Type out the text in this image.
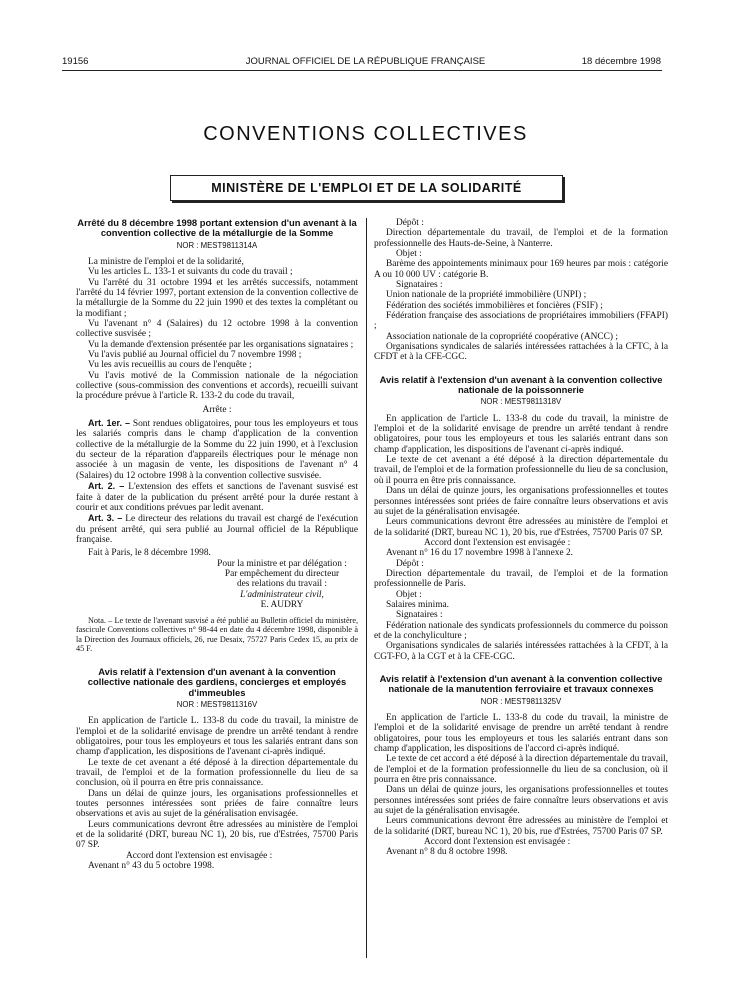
19156	JOURNAL OFFICIEL DE LA RÉPUBLIQUE FRANÇAISE	18 décembre 1998
CONVENTIONS COLLECTIVES
MINISTÈRE DE L'EMPLOI ET DE LA SOLIDARITÉ
Arrêté du 8 décembre 1998 portant extension d'un avenant à la convention collective de la métallurgie de la Somme
NOR : MEST9811314A

La ministre de l'emploi et de la solidarité,

Vu les articles L. 133-1 et suivants du code du travail ;

Vu l'arrêté du 31 octobre 1994 et les arrêtés successifs, notamment l'arrêté du 14 février 1997, portant extension de la convention collective de la métallurgie de la Somme du 22 juin 1990 et des textes la complétant ou la modifiant ;

Vu l'avenant n° 4 (Salaires) du 12 octobre 1998 à la convention collective susvisée ;

Vu la demande d'extension présentée par les organisations signataires ;

Vu l'avis publié au Journal officiel du 7 novembre 1998 ;

Vu les avis recueillis au cours de l'enquête ;

Vu l'avis motivé de la Commission nationale de la négociation collective (sous-commission des conventions et accords), recueilli suivant la procédure prévue à l'article R. 133-2 du code du travail,

Arrête :

Art. 1er. – Sont rendues obligatoires, pour tous les employeurs et tous les salariés compris dans le champ d'application de la convention collective de la métallurgie de la Somme du 22 juin 1990, et à l'exclusion du secteur de la réparation d'appareils électriques pour le ménage non associée à un magasin de vente, les dispositions de l'avenant n° 4 (Salaires) du 12 octobre 1998 à la convention collective susvisée.

Art. 2. – L'extension des effets et sanctions de l'avenant susvisé est faite à dater de la publication du présent arrêté pour la durée restant à courir et aux conditions prévues par ledit avenant.

Art. 3. – Le directeur des relations du travail est chargé de l'exécution du présent arrêté, qui sera publié au Journal officiel de la République française.

Fait à Paris, le 8 décembre 1998.

Pour la ministre et par délégation :
Par empêchement du directeur
des relations du travail :
L'administrateur civil,
E. AUDRY

Nota. – Le texte de l'avenant susvisé a été publié au Bulletin officiel du ministère, fascicule Conventions collectives n° 98-44 en date du 4 décembre 1998, disponible à la Direction des Journaux officiels, 26, rue Desaix, 75727 Paris Cedex 15, au prix de 45 F.

Avis relatif à l'extension d'un avenant à la convention collective nationale des gardiens, concierges et employés d'immeubles
NOR : MEST9811316V

En application de l'article L. 133-8 du code du travail, la ministre de l'emploi et de la solidarité envisage de prendre un arrêté tendant à rendre obligatoires, pour tous les employeurs et tous les salariés entrant dans son champ d'application, les dispositions de l'avenant ci-après indiqué.

Le texte de cet avenant a été déposé à la direction départementale du travail, de l'emploi et de la formation professionnelle du lieu de sa conclusion, où il pourra en être pris connaissance.

Dans un délai de quinze jours, les organisations professionnelles et toutes personnes intéressées sont priées de faire connaître leurs observations et avis au sujet de la généralisation envisagée.

Leurs communications devront être adressées au ministère de l'emploi et de la solidarité (DRT, bureau NC 1), 20 bis, rue d'Estrées, 75700 Paris 07 SP.

Accord dont l'extension est envisagée :

Avenant n° 43 du 5 octobre 1998.

Dépôt :

Direction départementale du travail, de l'emploi et de la formation professionnelle des Hauts-de-Seine, à Nanterre.

Objet :

Barème des appointements minimaux pour 169 heures par mois : catégorie A ou 10 000 UV : catégorie B.

Signataires :

Union nationale de la propriété immobilière (UNPI) ;

Fédération des sociétés immobilières et foncières (FSIF) ;

Fédération française des associations de propriétaires immobiliers (FFAPI) ;

Association nationale de la copropriété coopérative (ANCC) ;

Organisations syndicales de salariés intéressées rattachées à la CFTC, à la CFDT et à la CFE-CGC.

Avis relatif à l'extension d'un avenant à la convention collective nationale de la poissonnerie
NOR : MEST9811318V

En application de l'article L. 133-8 du code du travail, la ministre de l'emploi et de la solidarité envisage de prendre un arrêté tendant à rendre obligatoires, pour tous les employeurs et tous les salariés entrant dans son champ d'application, les dispositions de l'avenant ci-après indiqué.

Le texte de cet avenant a été déposé à la direction départementale du travail, de l'emploi et de la formation professionnelle du lieu de sa conclusion, où il pourra en être pris connaissance.

Dans un délai de quinze jours, les organisations professionnelles et toutes personnes intéressées sont priées de faire connaître leurs observations et avis au sujet de la généralisation envisagée.

Leurs communications devront être adressées au ministère de l'emploi et de la solidarité (DRT, bureau NC 1), 20 bis, rue d'Estrées, 75700 Paris 07 SP.

Accord dont l'extension est envisagée :

Avenant n° 16 du 17 novembre 1998 à l'annexe 2.

Dépôt :

Direction départementale du travail, de l'emploi et de la formation professionnelle de Paris.

Objet :

Salaires minima.

Signataires :

Fédération nationale des syndicats professionnels du commerce du poisson et de la conchyliculture ;

Organisations syndicales de salariés intéressées rattachées à la CFDT, à la CGT-FO, à la CGT et à la CFE-CGC.

Avis relatif à l'extension d'un avenant à la convention collective nationale de la manutention ferroviaire et travaux connexes
NOR : MEST9811325V

En application de l'article L. 133-8 du code du travail, la ministre de l'emploi et de la solidarité envisage de prendre un arrêté tendant à rendre obligatoires, pour tous les employeurs et tous les salariés entrant dans son champ d'application, les dispositions de l'accord ci-après indiqué.

Le texte de cet accord a été déposé à la direction départementale du travail, de l'emploi et de la formation professionnelle du lieu de sa conclusion, où il pourra en être pris connaissance.

Dans un délai de quinze jours, les organisations professionnelles et toutes personnes intéressées sont priées de faire connaître leurs observations et avis au sujet de la généralisation envisagée.

Leurs communications devront être adressées au ministère de l'emploi et de la solidarité (DRT, bureau NC 1), 20 bis, rue d'Estrées, 75700 Paris 07 SP.

Accord dont l'extension est envisagée :

Avenant n° 8 du 8 octobre 1998.
